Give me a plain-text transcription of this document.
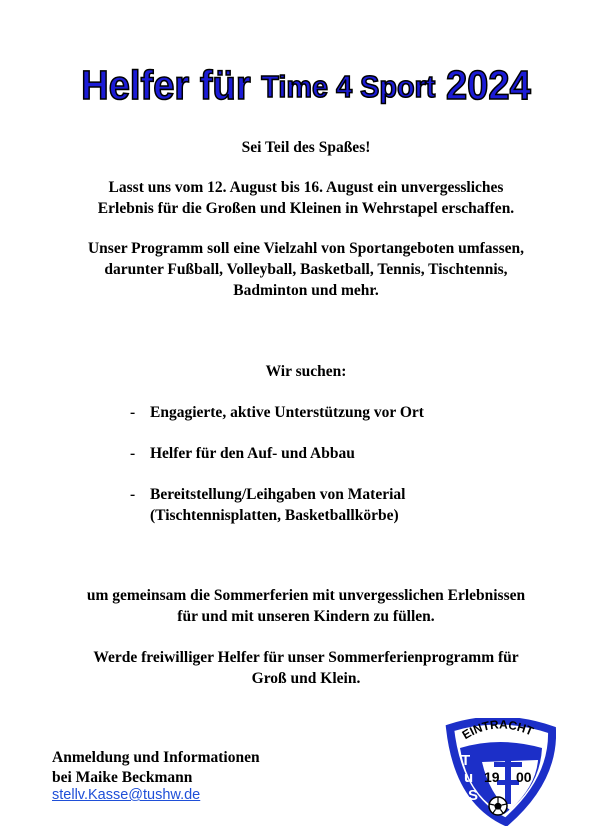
Helfer für Time 4 Sport 2024
Sei Teil des Spaßes!
Lasst uns vom 12. August bis 16. August ein unvergessliches
Erlebnis für die Großen und Kleinen in Wehrstapel erschaffen.
Unser Programm soll eine Vielzahl von Sportangeboten umfassen,
darunter Fußball, Volleyball, Basketball, Tennis, Tischtennis,
Badminton und mehr.
Wir suchen:
- Engagierte, aktive Unterstützung vor Ort
- Helfer für den Auf- und Abbau
- Bereitstellung/Leihgaben von Material
(Tischtennisplatten, Basketballkörbe)
um gemeinsam die Sommerferien mit unvergesslichen Erlebnissen
für und mit unseren Kindern zu füllen.
Werde freiwilliger Helfer für unser Sommerferienprogramm für
Groß und Klein.
Anmeldung und Informationen
bei Maike Beckmann
stellv.Kasse@tushw.de
EINTRACHT
T
u
S
19 00
